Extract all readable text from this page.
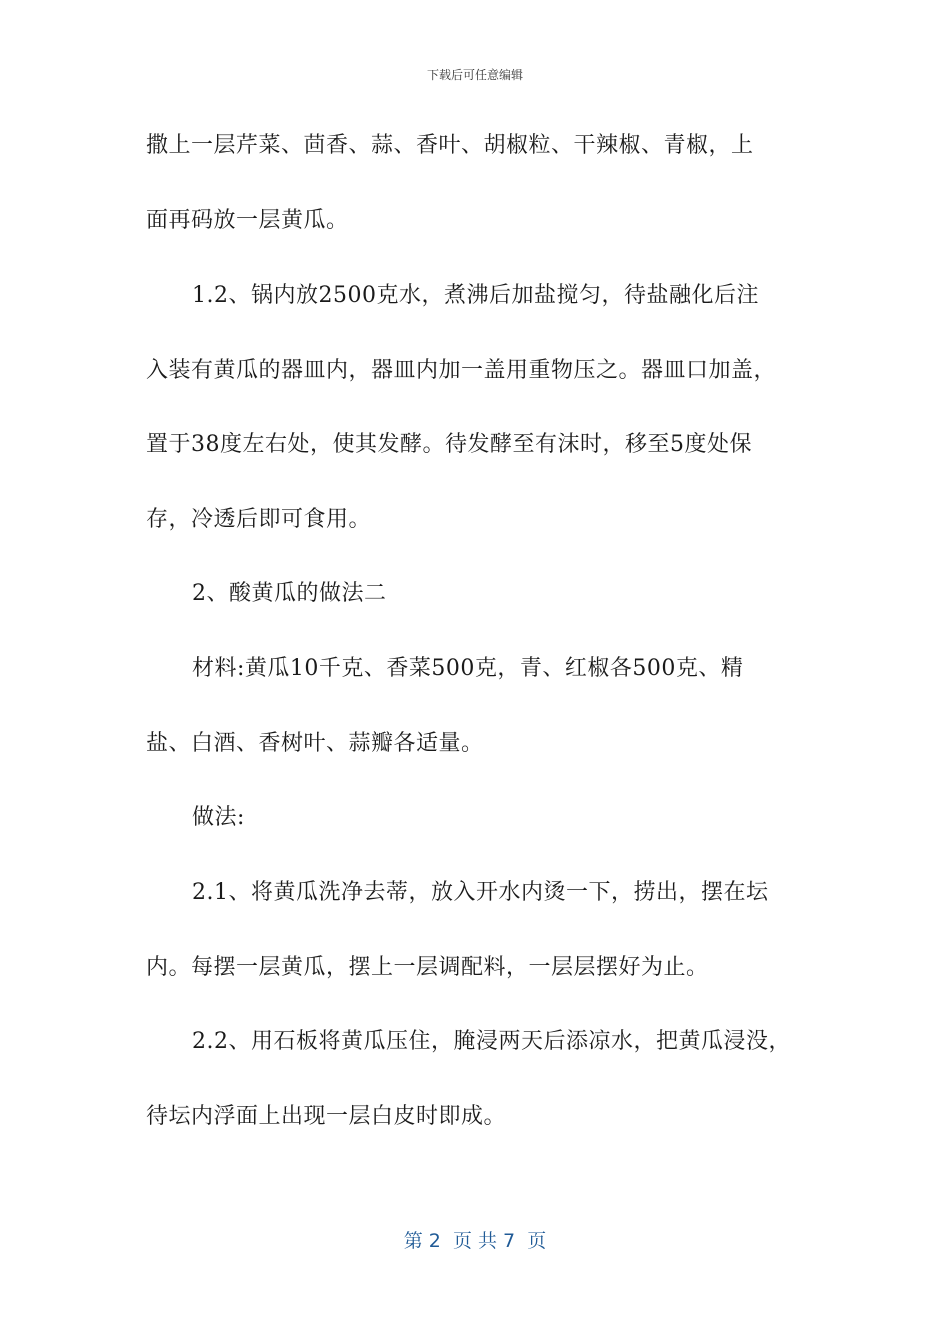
下载后可任意编辑
撒上一层芹菜、茴香、蒜、香叶、胡椒粒、干辣椒、青椒，上
面再码放一层黄瓜。
1.2、锅内放2500克水，煮沸后加盐搅匀，待盐融化后注
入装有黄瓜的器皿内，器皿内加一盖用重物压之。器皿口加盖，
置于38度左右处，使其发酵。待发酵至有沫时，移至5度处保
存，冷透后即可食用。
2、酸黄瓜的做法二
材料:黄瓜10千克、香菜500克，青、红椒各500克、精
盐、白酒、香树叶、蒜瓣各适量。
做法:
2.1、将黄瓜洗净去蒂，放入开水内烫一下，捞出，摆在坛
内。每摆一层黄瓜，摆上一层调配料，一层层摆好为止。
2.2、用石板将黄瓜压住，腌浸两天后添凉水，把黄瓜浸没，
待坛内浮面上出现一层白皮时即成。
第 2  页 共 7  页
